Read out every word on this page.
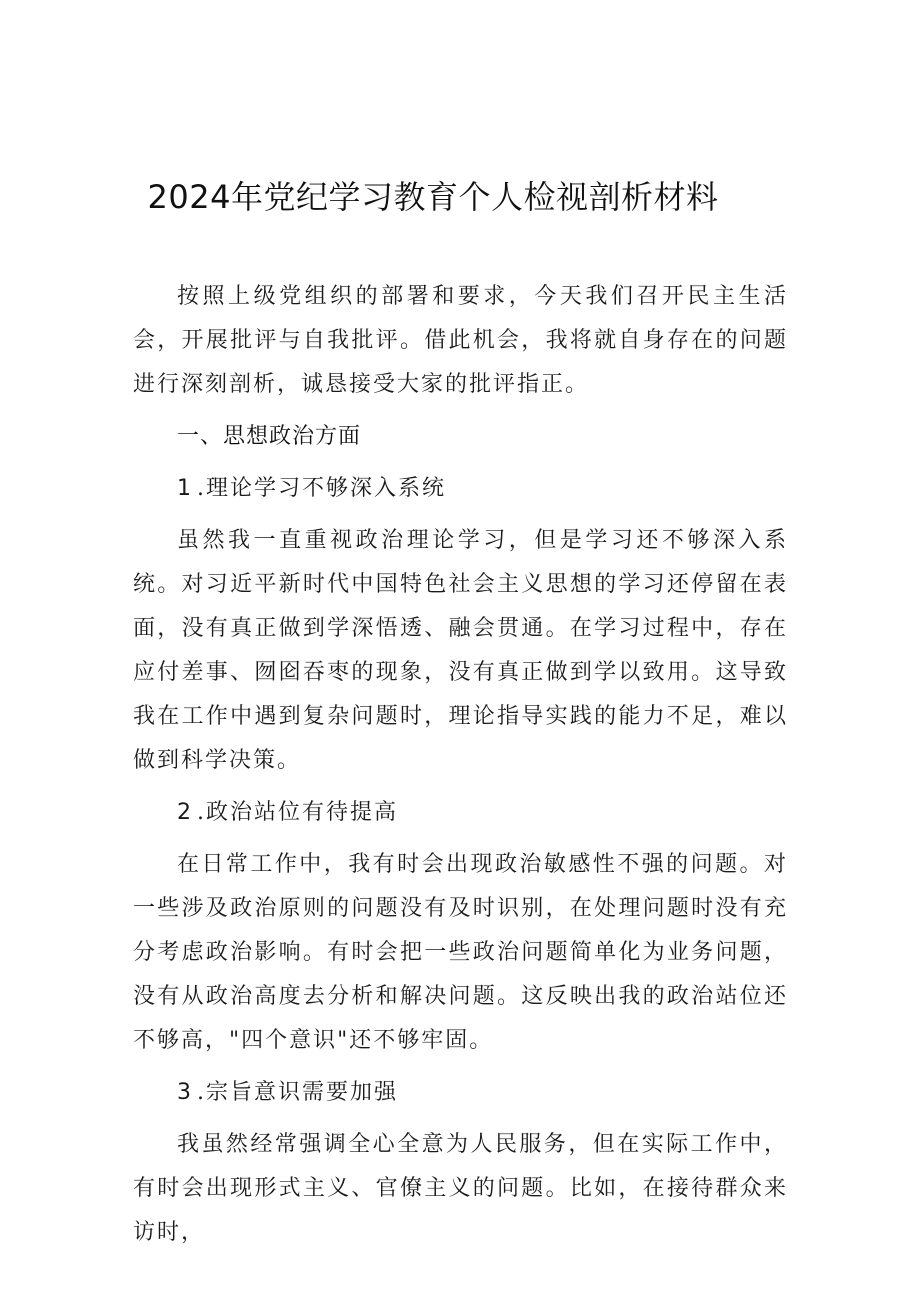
2024年党纪学习教育个人检视剖析材料

按照上级党组织的部署和要求，今天我们召开民主生活会，开展批评与自我批评。借此机会，我将就自身存在的问题进行深刻剖析，诚恳接受大家的批评指正。

一、思想政治方面
1.理论学习不够深入系统

虽然我一直重视政治理论学习，但是学习还不够深入系统。对习近平新时代中国特色社会主义思想的学习还停留在表面，没有真正做到学深悟透、融会贯通。在学习过程中，存在应付差事、囫囵吞枣的现象，没有真正做到学以致用。这导致我在工作中遇到复杂问题时，理论指导实践的能力不足，难以做到科学决策。

2.政治站位有待提高

在日常工作中，我有时会出现政治敏感性不强的问题。对一些涉及政治原则的问题没有及时识别，在处理问题时没有充分考虑政治影响。有时会把一些政治问题简单化为业务问题，没有从政治高度去分析和解决问题。这反映出我的政治站位还不够高，"四个意识"还不够牢固。

3.宗旨意识需要加强

我虽然经常强调全心全意为人民服务，但在实际工作中，有时会出现形式主义、官僚主义的问题。比如，在接待群众来访时，
